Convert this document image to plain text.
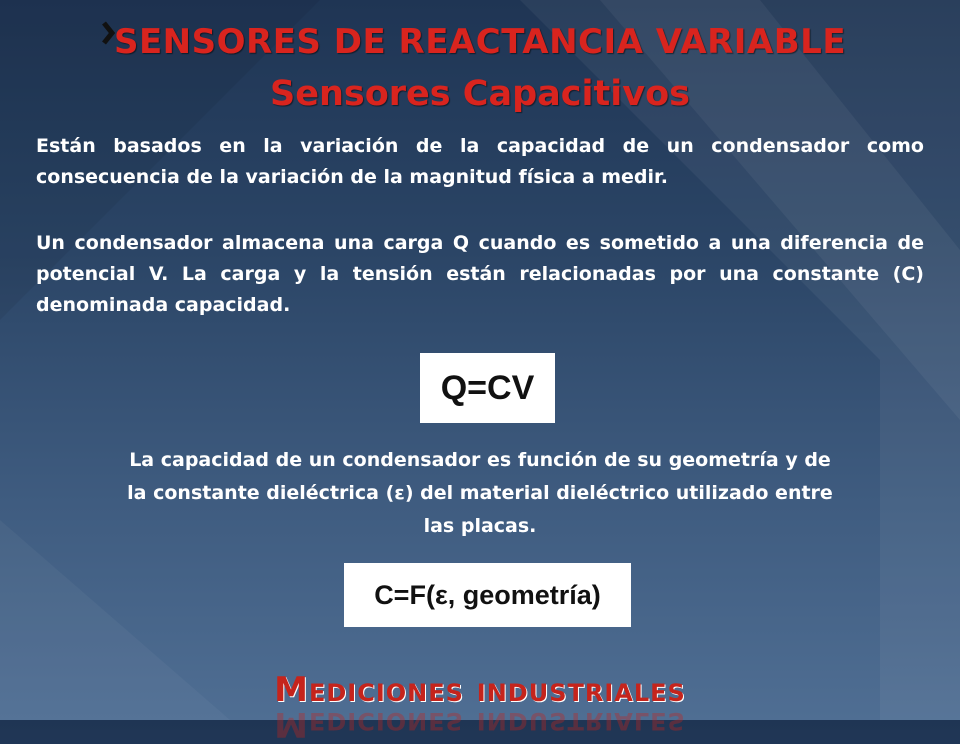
SENSORES DE REACTANCIA VARIABLE
Sensores Capacitivos
Están basados en la variación de la capacidad de un condensador como consecuencia de la variación de la magnitud física a medir.
Un condensador almacena una carga Q cuando es sometido a una diferencia de potencial V. La carga y la tensión están relacionadas por una constante (C) denominada capacidad.
Q=CV
La capacidad de un condensador es función de su geometría y de la constante dieléctrica (ε) del material dieléctrico utilizado entre las placas.
C=F(ε, geometría)
Mediciones industriales
Mediciones industriales
